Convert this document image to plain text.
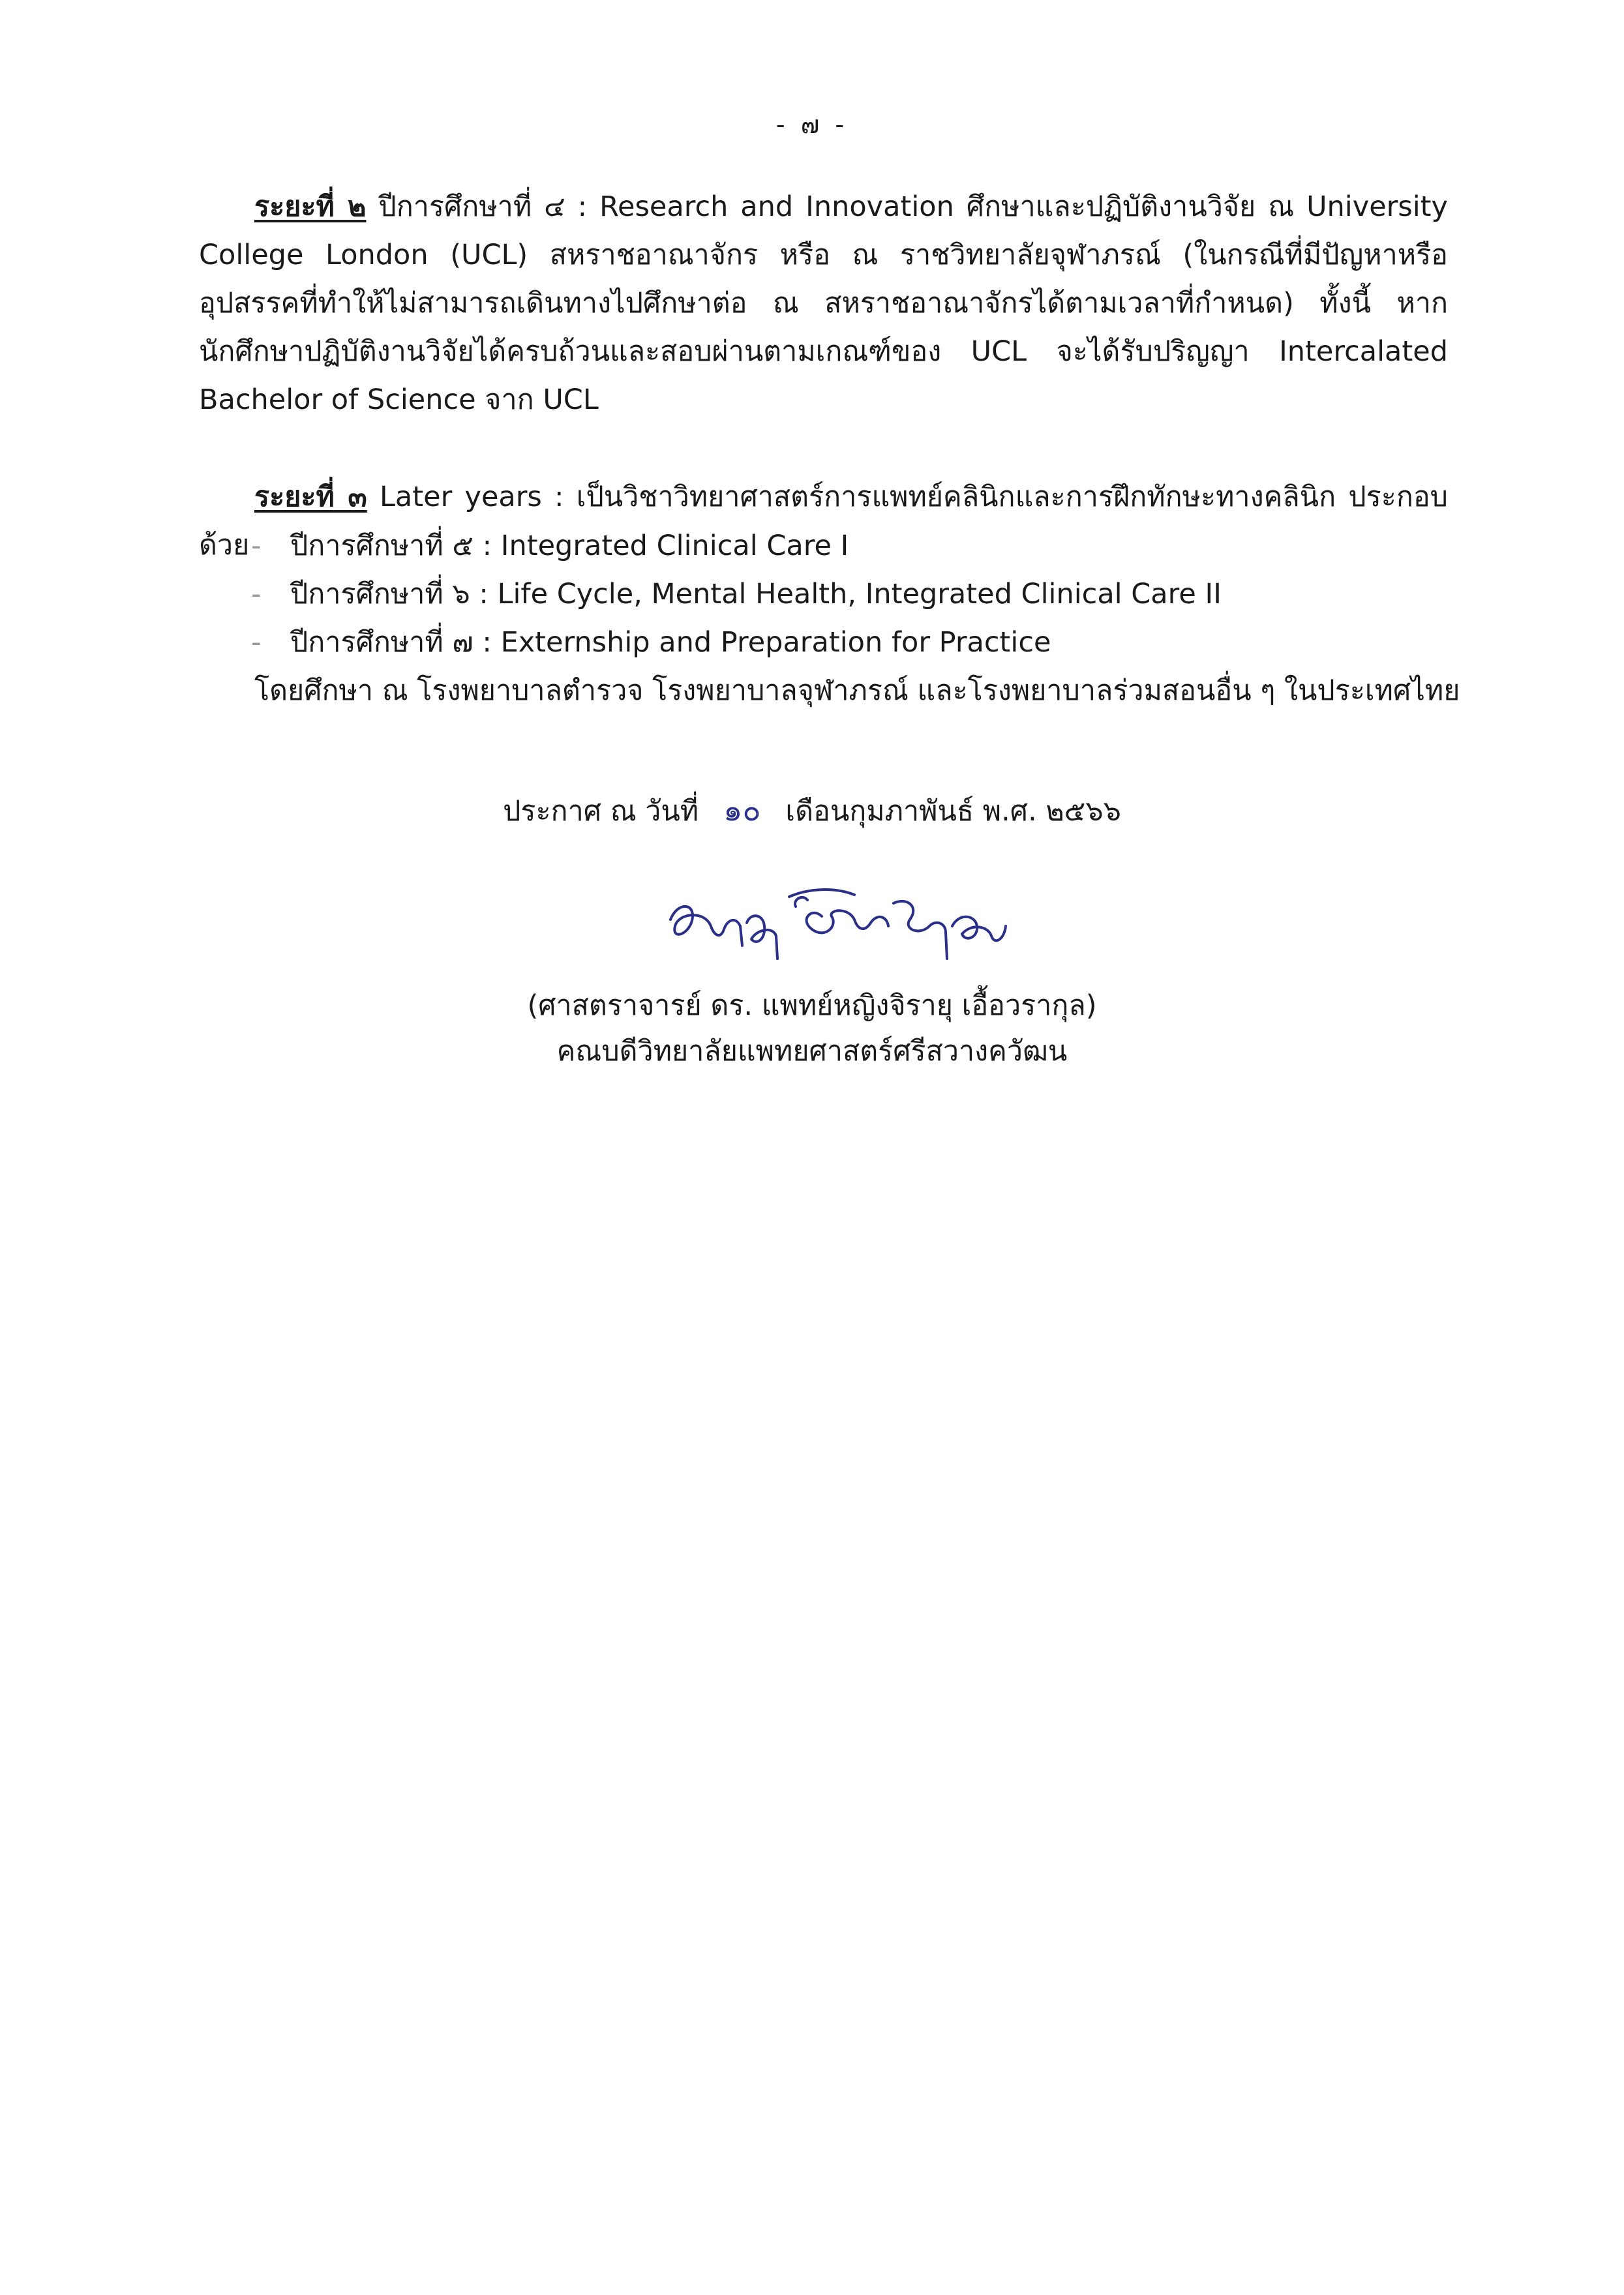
- ๗ -

ระยะที่ ๒ ปีการศึกษาที่ ๔ : Research and Innovation ศึกษาและปฏิบัติงานวิจัย ณ University College London (UCL) สหราชอาณาจักร หรือ ณ ราชวิทยาลัยจุฬาภรณ์ (ในกรณีที่มีปัญหาหรืออุปสรรคที่ทำให้ไม่สามารถเดินทางไปศึกษาต่อ ณ สหราชอาณาจักรได้ตามเวลาที่กำหนด) ทั้งนี้ หากนักศึกษาปฏิบัติงานวิจัยได้ครบถ้วนและสอบผ่านตามเกณฑ์ของ UCL จะได้รับปริญญา Intercalated Bachelor of Science จาก UCL

ระยะที่ ๓ Later years : เป็นวิชาวิทยาศาสตร์การแพทย์คลินิกและการฝึกทักษะทางคลินิก ประกอบด้วย - ปีการศึกษาที่ ๕ : Integrated Clinical Care I
- ปีการศึกษาที่ ๖ : Life Cycle, Mental Health, Integrated Clinical Care II
- ปีการศึกษาที่ ๗ : Externship and Preparation for Practice
โดยศึกษา ณ โรงพยาบาลตำรวจ โรงพยาบาลจุฬาภรณ์ และโรงพยาบาลร่วมสอนอื่น ๆ ในประเทศไทย
ประกาศ ณ วันที่ ๑๐ เดือนกุมภาพันธ์ พ.ศ. ๒๕๖๖
(ศาสตราจารย์ ดร. แพทย์หญิงจิรายุ เอื้อวรากุล)
คณบดีวิทยาลัยแพทยศาสตร์ศรีสวางควัฒน
